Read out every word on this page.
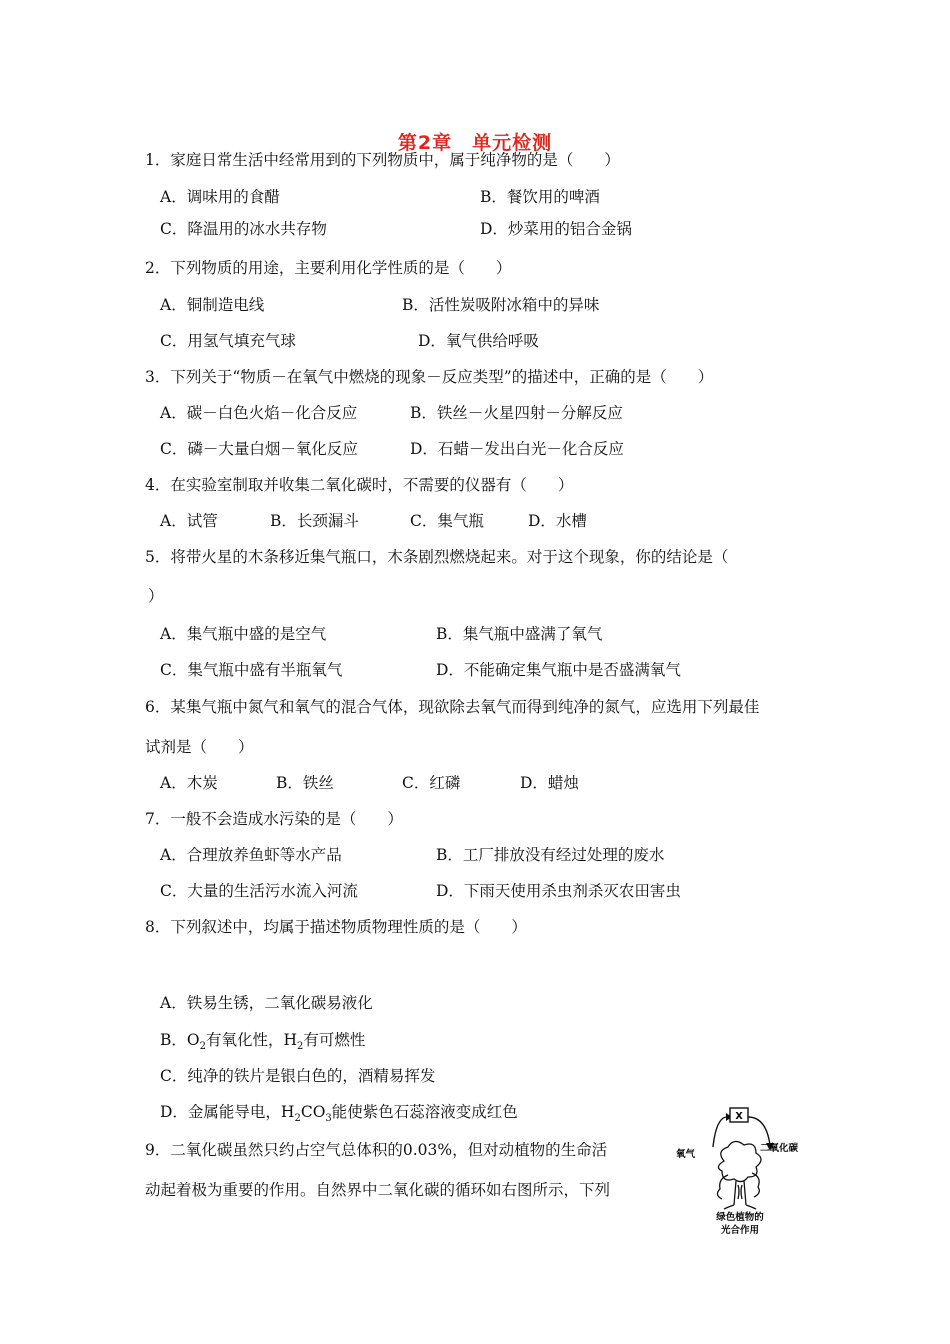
第2章　单元检测
1．家庭日常生活中经常用到的下列物质中，属于纯净物的是（　　）
A．调味用的食醋	B．餐饮用的啤酒
C．降温用的冰水共存物	D．炒菜用的铝合金锅
2．下列物质的用途，主要利用化学性质的是（　　）
A．铜制造电线	B．活性炭吸附冰箱中的异味
C．用氢气填充气球	D．氧气供给呼吸
3．下列关于“物质－在氧气中燃烧的现象－反应类型”的描述中，正确的是（　　）
A．碳－白色火焰－化合反应	B．铁丝－火星四射－分解反应
C．磷－大量白烟－氧化反应	D．石蜡－发出白光－化合反应
4．在实验室制取并收集二氧化碳时，不需要的仪器有（　　）
A．试管	B．长颈漏斗	C．集气瓶	D．水槽
5．将带火星的木条移近集气瓶口，木条剧烈燃烧起来。对于这个现象，你的结论是（
）
A．集气瓶中盛的是空气	B．集气瓶中盛满了氧气
C．集气瓶中盛有半瓶氧气	D．不能确定集气瓶中是否盛满氧气
6．某集气瓶中氮气和氧气的混合气体，现欲除去氧气而得到纯净的氮气，应选用下列最佳
试剂是（　　）
A．木炭	B．铁丝	C．红磷	D．蜡烛
7．一般不会造成水污染的是（　　）
A．合理放养鱼虾等水产品	B．工厂排放没有经过处理的废水
C．大量的生活污水流入河流	D．下雨天使用杀虫剂杀灭农田害虫
8．下列叙述中，均属于描述物质物理性质的是（　　）
A．铁易生锈，二氧化碳易液化
B．$O_2$有氧化性，$H_2$有可燃性
C．纯净的铁片是银白色的，酒精易挥发
D．金属能导电，$H_2CO_3$能使紫色石蕊溶液变成红色
9．二氧化碳虽然只约占空气总体积的0.03%，但对动植物的生命活
动起着极为重要的作用。自然界中二氧化碳的循环如右图所示，下列
X
氧气
二氧化碳
绿色植物的
光合作用
